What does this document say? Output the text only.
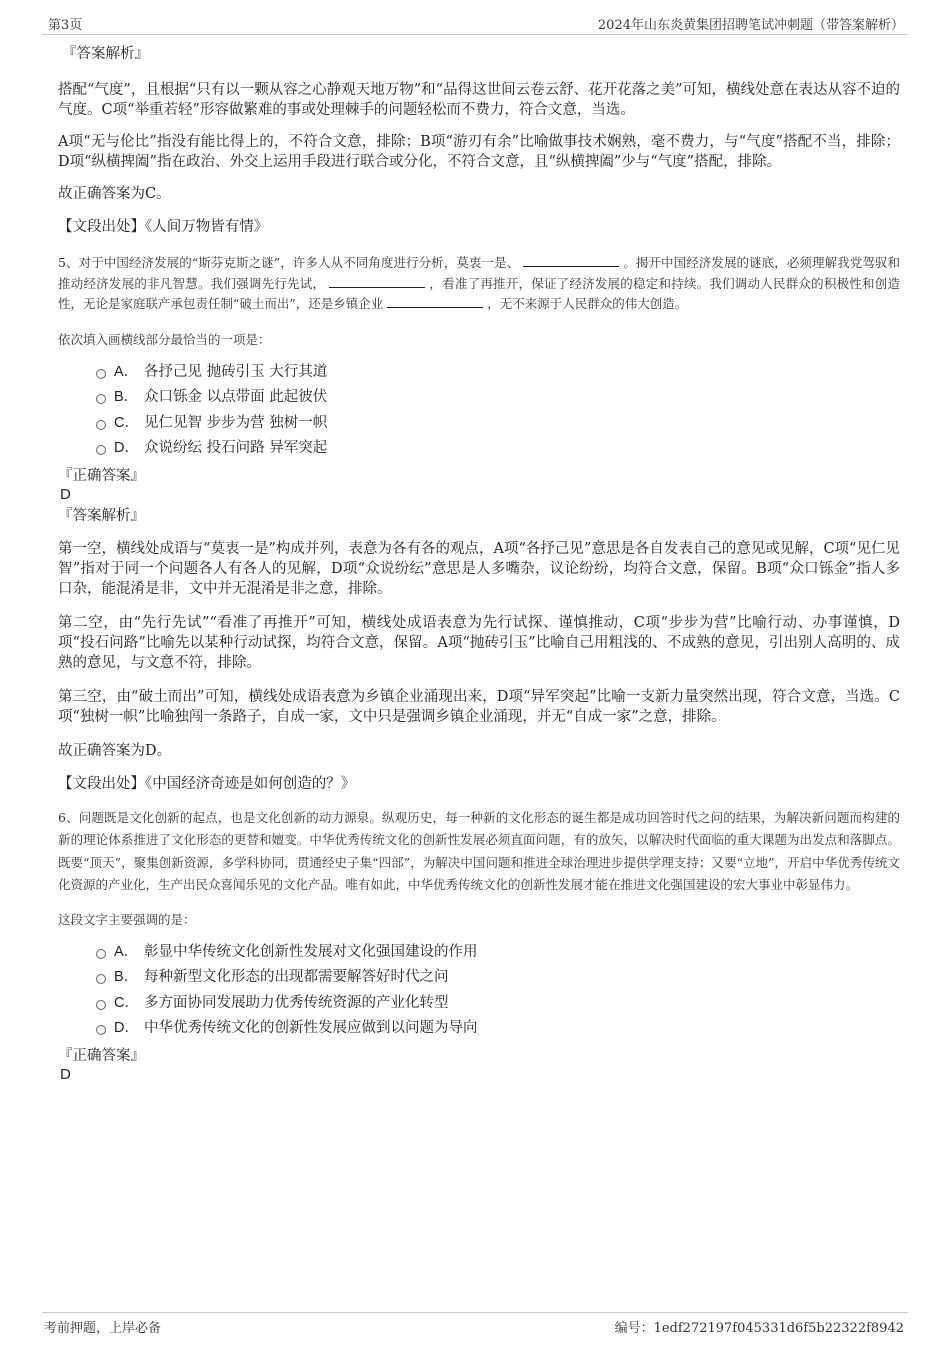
第3页	2024年山东炎黄集团招聘笔试冲刺题（带答案解析）

『答案解析』

搭配“气度”，且根据“只有以一颗从容之心静观天地万物”和“品得这世间云卷云舒、花开花落之美”可知，横线处意在表达从容不迫的气度。C项“举重若轻”形容做繁难的事或处理棘手的问题轻松而不费力，符合文意，当选。

A项“无与伦比”指没有能比得上的，不符合文意，排除；B项“游刃有余”比喻做事技术娴熟，毫不费力，与“气度”搭配不当，排除；D项“纵横捭阖”指在政治、外交上运用手段进行联合或分化，不符合文意，且“纵横捭阖”少与“气度”搭配，排除。

故正确答案为C。

【文段出处】《人间万物皆有情》

5、对于中国经济发展的“斯芬克斯之谜”，许多人从不同角度进行分析，莫衷一是、	。揭开中国经济发展的谜底，必须理解我党驾驭和推动经济发展的非凡智慧。我们强调先行先试，	，看准了再推开，保证了经济发展的稳定和持续。我们调动人民群众的积极性和创造性，无论是家庭联产承包责任制“破土而出”，还是乡镇企业	，无不来源于人民群众的伟大创造。

依次填入画横线部分最恰当的一项是：

A． 各抒己见 抛砖引玉 大行其道
B． 众口铄金 以点带面 此起彼伏
C． 见仁见智 步步为营 独树一帜
D． 众说纷纭 投石问路 异军突起

『正确答案』

D

『答案解析』

第一空，横线处成语与“莫衷一是”构成并列，表意为各有各的观点，A项“各抒己见”意思是各自发表自己的意见或见解，C项“见仁见智”指对于同一个问题各人有各人的见解，D项“众说纷纭”意思是人多嘴杂，议论纷纷，均符合文意，保留。B项“众口铄金”指人多口杂，能混淆是非，文中并无混淆是非之意，排除。

第二空，由“先行先试”“看准了再推开”可知，横线处成语表意为先行试探、谨慎推动，C项“步步为营”比喻行动、办事谨慎，D项“投石问路”比喻先以某种行动试探，均符合文意，保留。A项“抛砖引玉”比喻自己用粗浅的、不成熟的意见，引出别人高明的、成熟的意见，与文意不符，排除。

第三空，由“破土而出”可知，横线处成语表意为乡镇企业涌现出来，D项“异军突起”比喻一支新力量突然出现，符合文意，当选。C项“独树一帜”比喻独闯一条路子，自成一家，文中只是强调乡镇企业涌现，并无“自成一家”之意，排除。

故正确答案为D。

【文段出处】《中国经济奇迹是如何创造的？》

6、问题既是文化创新的起点，也是文化创新的动力源泉。纵观历史，每一种新的文化形态的诞生都是成功回答时代之问的结果，为解决新问题而构建的新的理论体系推进了文化形态的更替和嬗变。中华优秀传统文化的创新性发展必须直面问题，有的放矢，以解决时代面临的重大课题为出发点和落脚点。既要“顶天”，聚集创新资源，多学科协同，贯通经史子集“四部”，为解决中国问题和推进全球治理进步提供学理支持；又要“立地”，开启中华优秀传统文化资源的产业化，生产出民众喜闻乐见的文化产品。唯有如此，中华优秀传统文化的创新性发展才能在推进文化强国建设的宏大事业中彰显伟力。

这段文字主要强调的是：

A． 彰显中华传统文化创新性发展对文化强国建设的作用
B． 每种新型文化形态的出现都需要解答好时代之问
C． 多方面协同发展助力优秀传统资源的产业化转型
D． 中华优秀传统文化的创新性发展应做到以问题为导向

『正确答案』

D

考前押题，上岸必备	编号：1edf272197f045331d6f5b22322f8942
